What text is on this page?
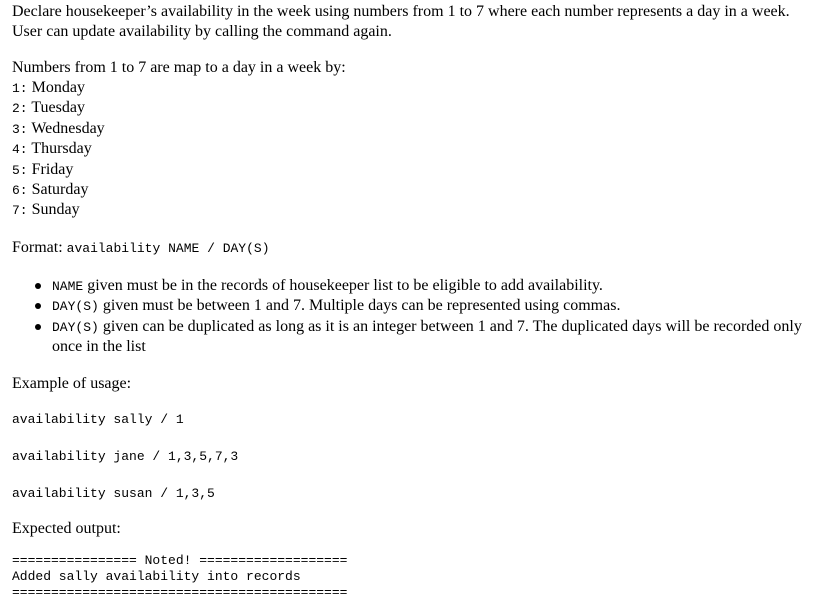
Declare housekeeper’s availability in the week using numbers from 1 to 7 where each number represents a day in a week. User can update availability by calling the command again.

Numbers from 1 to 7 are map to a day in a week by:

1: Monday
2: Tuesday
3: Wednesday
4: Thursday
5: Friday
6: Saturday
7: Sunday

Format: availability NAME / DAY(S)

NAME given must be in the records of housekeeper list to be eligible to add availability.
DAY(S) given must be between 1 and 7. Multiple days can be represented using commas.
DAY(S) given can be duplicated as long as it is an integer between 1 and 7. The duplicated days will be recorded only once in the list

Example of usage:

availability sally / 1

availability jane / 1,3,5,7,3

availability susan / 1,3,5

Expected output:

================ Noted! ===================

Added sally availability into records

===========================================
